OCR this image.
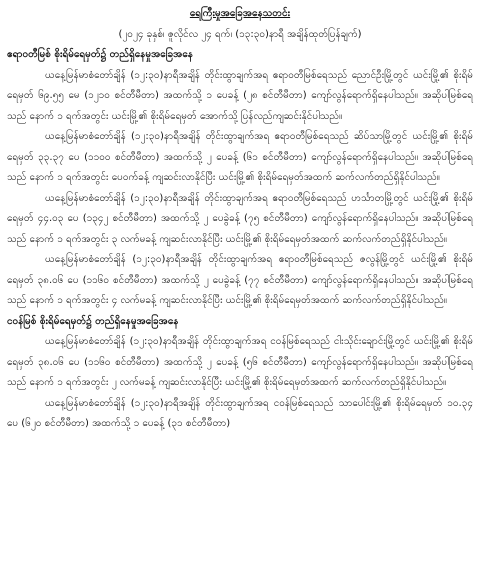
ရေကြီးမှုအခြေအနေသတင်း

(၂၀၂၄ ခုနှစ်၊ ဇူလိုင်လ ၂၄ ရက်၊ (၁၃:၃၀)နာရီ အချိန်ထုတ်ပြန်ချက်)

ဧရာဝတီမြစ် စိုးရိမ်ရေမှတ်၌ တည်ရှိနေမှုအခြေအနေ

ယနေ့မြန်မာစံတော်ချိန် (၁၂:၃၀)နာရီအချိန် တိုင်းထွာချက်အရ ဧရာဝတီမြစ်ရေသည် ညောင်ဦးမြို့တွင် ယင်းမြို့၏ စိုးရိမ်ရေမှတ် ၆၉.၅၅ မေ (၁၂၁၀ စင်တီမီတာ) အထက်သို့ ၁ ပေခန့် (၂၈ စင်တီမီတာ) ကျော်လွန်ရောက်ရှိနေပါသည်။ အဆိုပါမြစ်ရေသည် နောက် ၁ ရက်အတွင်း ယင်းမြို့၏ စိုးရိမ်ရေမှတ် အောက်သို့ ပြန်လည်ကျဆင်းနိုင်ပါသည်။

ယနေ့မြန်မာစံတော်ချိန် (၁၂:၃၀)နာရီအချိန် တိုင်းထွာချက်အရ ဧရာဝတီမြစ်ရေသည် ဆိပ်သာမြို့တွင် ယင်းမြို့၏ စိုးရိမ်ရေမှတ် ၃၃.၃၇ ပေ (၁၁၀၀ စင်တီမီတာ) အထက်သို့ ၂ ပေခန့် (၆၁ စင်တီမီတာ) ကျော်လွန်ရောက်ရှိနေပါသည်။ အဆိုပါမြစ်ရေသည် နောက် ၁ ရက်အတွင်း ပေဝက်ခန့် ကျဆင်းလာနိုင်ပြီး ယင်းမြို့၏ စိုးရိမ်ရေမှတ်အထက် ဆက်လက်တည်ရှိနိုင်ပါသည်။

ယနေ့မြန်မာစံတော်ချိန် (၁၂:၃၀)နာရီအချိန် တိုင်းထွာချက်အရ ဧရာဝတီမြစ်ရေသည် ဟင်္သာတမြို့တွင် ယင်းမြို့၏ စိုးရိမ်ရေမှတ် ၄၄.၀၃ ပေ (၁၃၄၂ စင်တီမီတာ) အထက်သို့ ၂ ပေခွဲခန့် (၇၅ စင်တီမီတာ) ကျော်လွန်ရောက်ရှိနေပါသည်။ အဆိုပါမြစ်ရေသည် နောက် ၁ ရက်အတွင်း ၃ လက်မခန့် ကျဆင်းလာနိုင်ပြီး ယင်းမြို့၏ စိုးရိမ်ရေမှတ်အထက် ဆက်လက်တည်ရှိနိုင်ပါသည်။

ယနေ့မြန်မာစံတော်ချိန် (၁၂:၃၀)နာရီအချိန် တိုင်းထွာချက်အရ ဧရာဝတီမြစ်ရေသည် ဇလွန်မြို့တွင် ယင်းမြို့၏ စိုးရိမ်ရေမှတ် ၃၈.၀၆ ပေ (၁၁၆၀ စင်တီမီတာ) အထက်သို့ ၂ ပေခွဲခန့် (၇၇ စင်တီမီတာ) ကျော်လွန်ရောက်ရှိနေပါသည်။ အဆိုပါမြစ်ရေသည် နောက် ၁ ရက်အတွင်း ၄ လက်မခန့် ကျဆင်းလာနိုင်ပြီး ယင်းမြို့၏ စိုးရိမ်ရေမှတ်အထက် ဆက်လက်တည်ရှိနိုင်ပါသည်။

ငဝန်မြစ် စိုးရိမ်ရေမှတ်၌ တည်ရှိနေမှုအခြေအနေ

ယနေ့မြန်မာစံတော်ချိန် (၁၂:၃၀)နာရီအချိန် တိုင်းထွာချက်အရ ငဝန်မြစ်ရေသည် ငါးသိုင်းချောင်းမြို့တွင် ယင်းမြို့၏ စိုးရိမ်ရေမှတ် ၃၈.၀၆ ပေ (၁၁၆၀ စင်တီမီတာ) အထက်သို့ ၂ ပေခန့် (၅၆ စင်တီမီတာ) ကျော်လွန်ရောက်ရှိနေပါသည်။ အဆိုပါမြစ်ရေသည် နောက် ၁ ရက်အတွင်း ၂ လက်မခန့် ကျဆင်းလာနိုင်ပြီး ယင်းမြို့၏ စိုးရိမ်ရေမှတ်အထက် ဆက်လက်တည်ရှိနိုင်ပါသည်။

ယနေ့မြန်မာစံတော်ချိန် (၁၂:၃၀)နာရီအချိန် တိုင်းထွာချက်အရ ငဝန်မြစ်ရေသည် သာပေါင်းမြို့၏ စိုးရိမ်ရေမှတ် ၁၀.၃၄ ပေ (၆၂၀ စင်တီမီတာ) အထက်သို့ ၁ ပေခန့် (၃၁ စင်တီမီတာ)
